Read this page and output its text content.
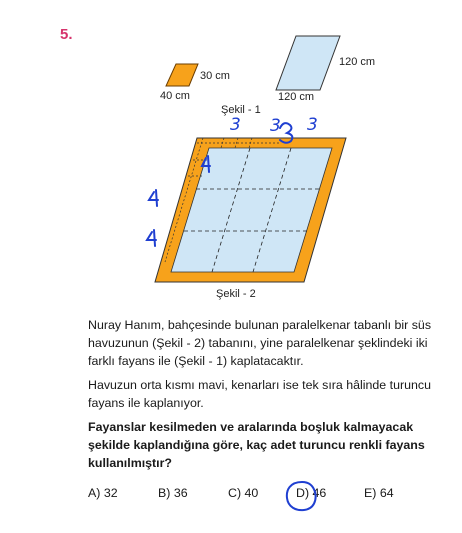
5.
3 3 3
30 cm
40 cm
120 cm
120 cm
Şekil - 1
Şekil - 2

Nuray Hanım, bahçesinde bulunan paralelkenar tabanlı bir süs havuzunun (Şekil - 2) tabanını, yine paralelkenar şeklindeki iki farklı fayans ile (Şekil - 1) kaplatacaktır.

Havuzun orta kısmı mavi, kenarları ise tek sıra hâlinde turuncu fayans ile kaplanıyor.

Fayanslar kesilmeden ve aralarında boşluk kalmayacak şekilde kaplandığına göre, kaç adet turuncu renkli fayans kullanılmıştır?

A) 32	B) 36	C) 40	D) 46	E) 64
